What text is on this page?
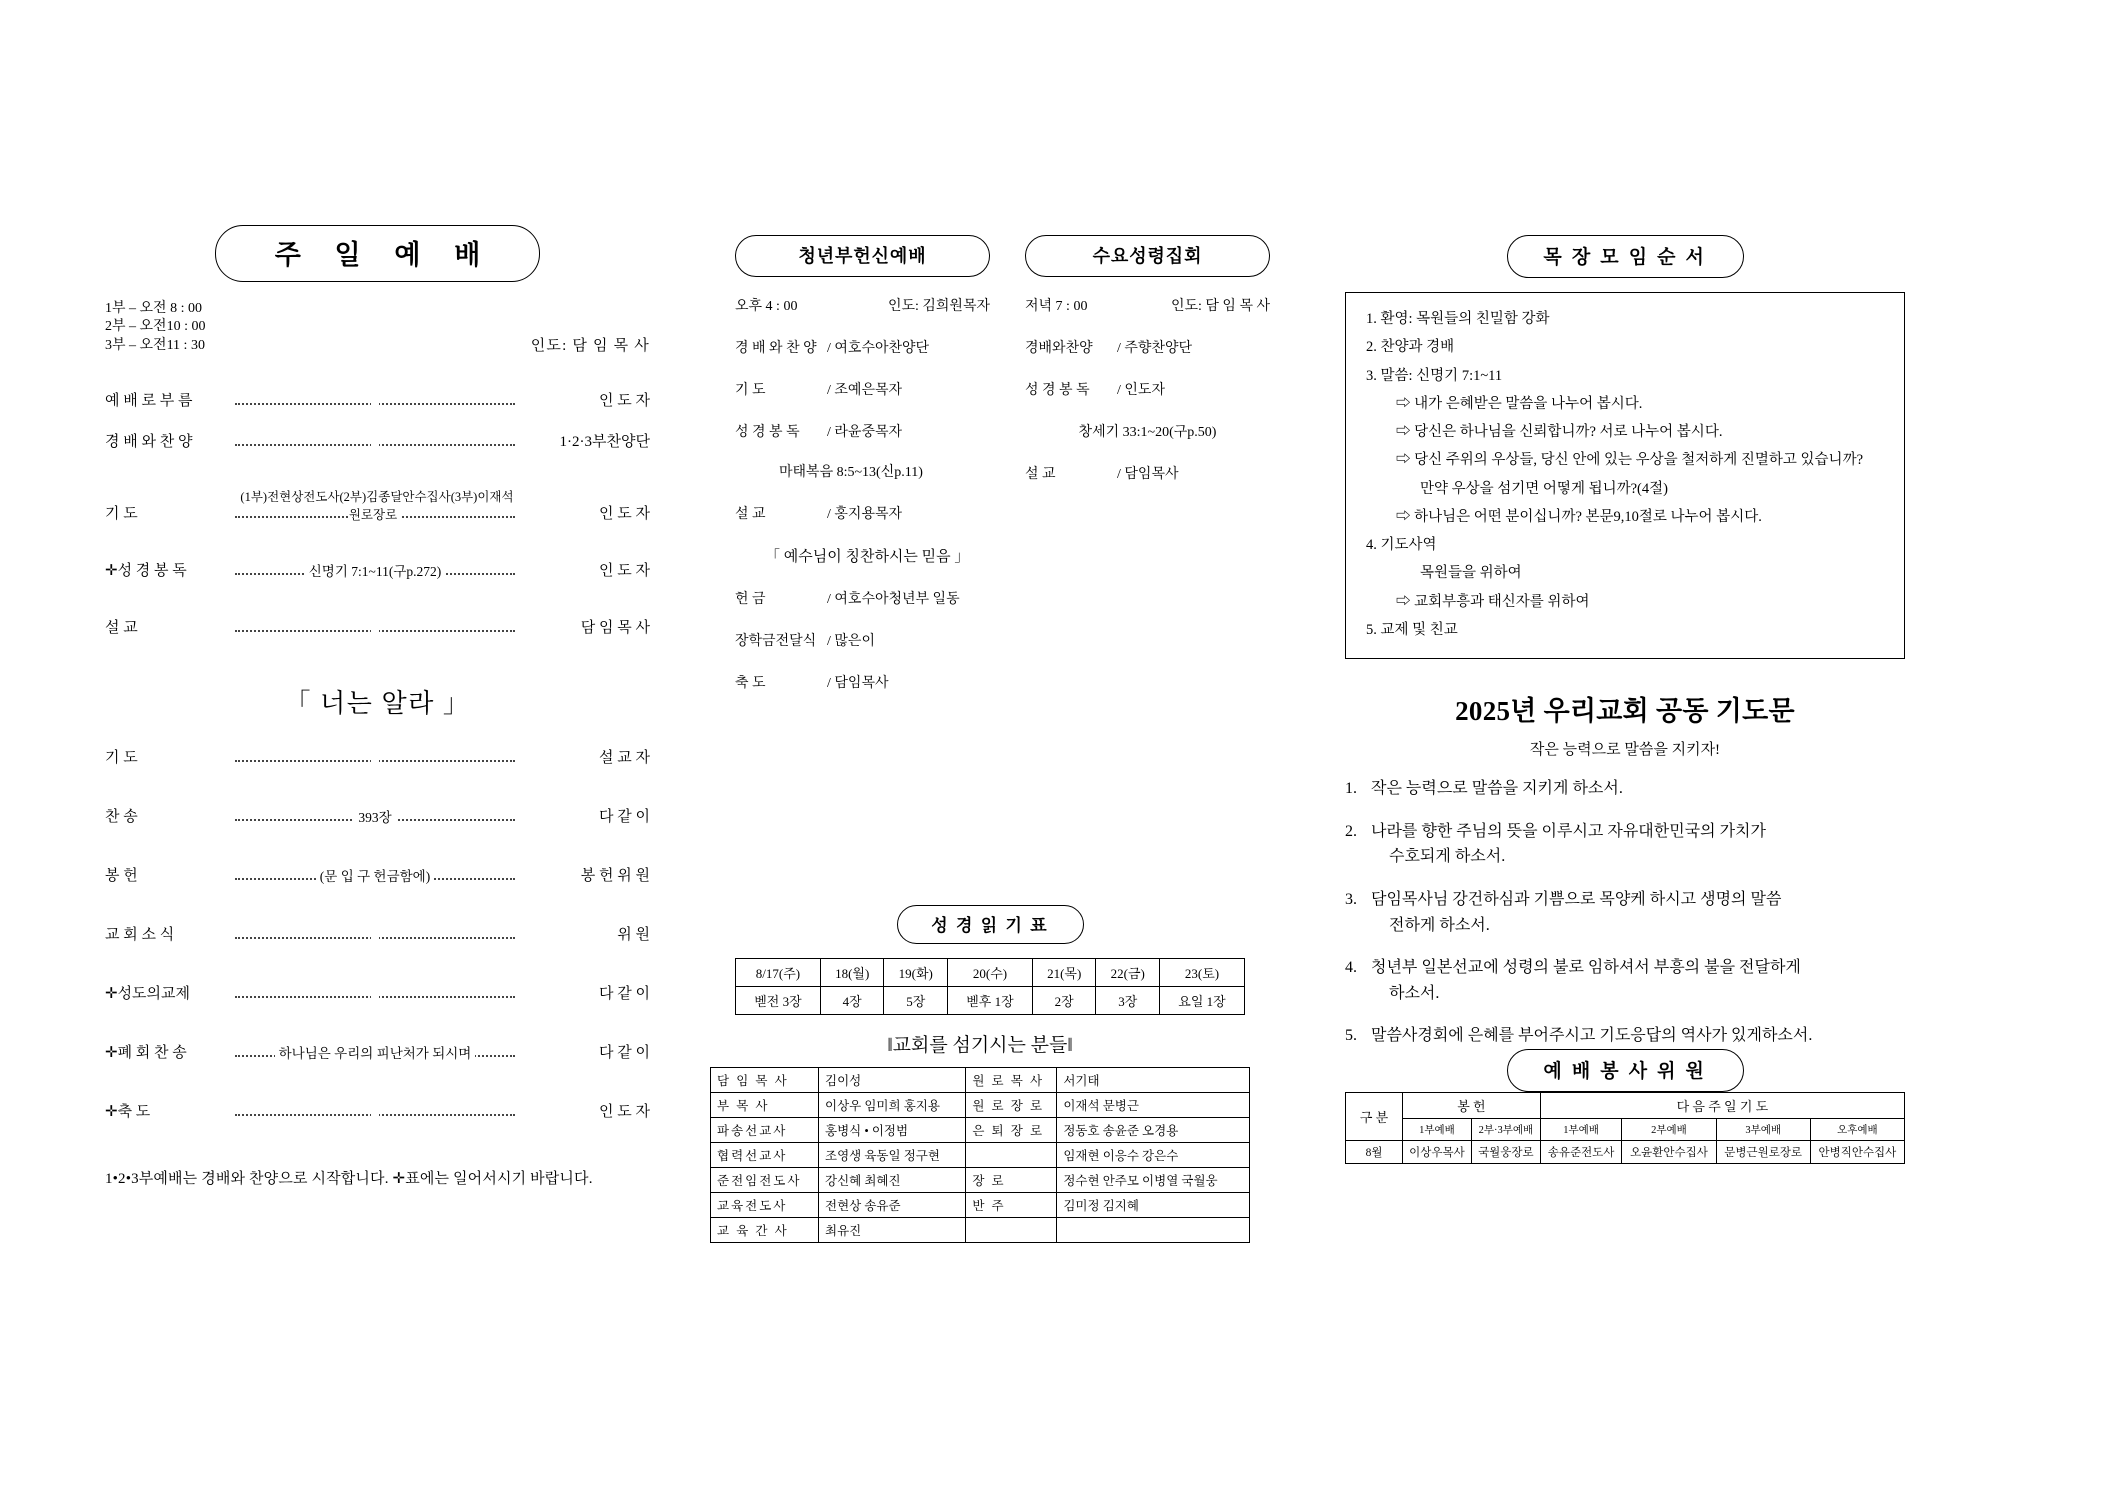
주 일 예 배
1부 – 오전 8 : 00
2부 – 오전10 : 00
3부 – 오전11 : 30	인도: 담 임 목 사
예 배 로 부 름	인 도 자
경 배 와 찬 양	1·2·3부찬양단
기 도
(1부)전현상전도사(2부)김종달안수집사(3부)이재석원로장로	인 도 자
✛성 경 봉 독	신명기 7:1~11(구p.272)	인 도 자
설 교	담 임 목 사
「 너는 알라 」
기 도	설 교 자
찬 송	393장	다 같 이
봉 헌	(문 입 구 헌금함에)	봉 헌 위 원
교 회 소 식	위 원
✛성도의교제	다 같 이
✛폐 회 찬 송	하나님은 우리의 피난처가 되시며	다 같 이
✛축 도	인 도 자
1•2•3부예배는 경배와 찬양으로 시작합니다. ✛표에는 일어서시기 바랍니다.
청년부헌신예배
오후 4 : 00	인도: 김희원목자
경 배 와 찬 양 / 여호수아찬양단
기 도	/ 조예은목자
성 경 봉 독	/ 라윤중목자
마태복음 8:5~13(신p.11)
설 교	/ 홍지용목자
「 예수님이 칭찬하시는 믿음 」
헌 금	/ 여호수아청년부 일동
장학금전달식 / 많은이
축 도	/ 담임목사
수요성령집회
저녁 7 : 00	인도: 담 임 목 사
경배와찬양	/ 주향찬양단
성 경 봉 독	/ 인도자
창세기 33:1~20(구p.50)
설 교	/ 담임목사
성 경 읽 기 표
8/17(주)	18(월)	19(화)	20(수)	21(목)	22(금)	23(토)
벧전 3장	4장	5장	벧후 1장	2장	3장	요일 1장
‖교회를 섬기시는 분들‖
담 임 목 사	김이성	원 로 목 사	서기태
부 목 사	이상우 임미희 홍지용	원 로 장 로	이재석 문병근
파송선교사	홍병식 • 이정범	은 퇴 장 로	정동호 송윤준 오경용
협력선교사	조영생 육동일 정구현		임재현 이응수 강은수
준전임전도사	강신혜 최혜진	장 로	정수현 안주모 이병열 국월웅
교육전도사	전현상 송유준	반 주	김미정 김지혜
교 육 간 사	최유진		
목 장 모 임 순 서
1. 환영: 목원들의 친밀함 강화
2. 찬양과 경배
3. 말씀: 신명기 7:1~11
⇨ 내가 은혜받은 말씀을 나누어 봅시다.
⇨ 당신은 하나님을 신뢰합니까? 서로 나누어 봅시다.
⇨ 당신 주위의 우상들, 당신 안에 있는 우상을 철저하게 진멸하고 있습니까?
만약 우상을 섬기면 어떻게 됩니까?(4절)
⇨ 하나님은 어떤 분이십니까? 본문9,10절로 나누어 봅시다.
4. 기도사역
목원들을 위하여
⇨ 교회부흥과 태신자를 위하여
5. 교제 및 친교
2025년 우리교회 공동 기도문
작은 능력으로 말씀을 지키자!
1. 작은 능력으로 말씀을 지키게 하소서.
2. 나라를 향한 주님의 뜻을 이루시고 자유대한민국의 가치가
수호되게 하소서.
3. 담임목사님 강건하심과 기쁨으로 목양케 하시고 생명의 말씀
전하게 하소서.
4. 청년부 일본선교에 성령의 불로 임하셔서 부흥의 불을 전달하게
하소서.
5. 말씀사경회에 은혜를 부어주시고 기도응답의 역사가 있게하소서.
예 배 봉 사 위 원
구 분	봉 헌		다 음 주 일 기 도			
	1부예배	2부·3부예배	1부예배	2부예배	3부예배	오후예배
8월	이상우목사	국월웅장로	송유준전도사	오윤환안수집사	문병근원로장로	안병직안수집사
